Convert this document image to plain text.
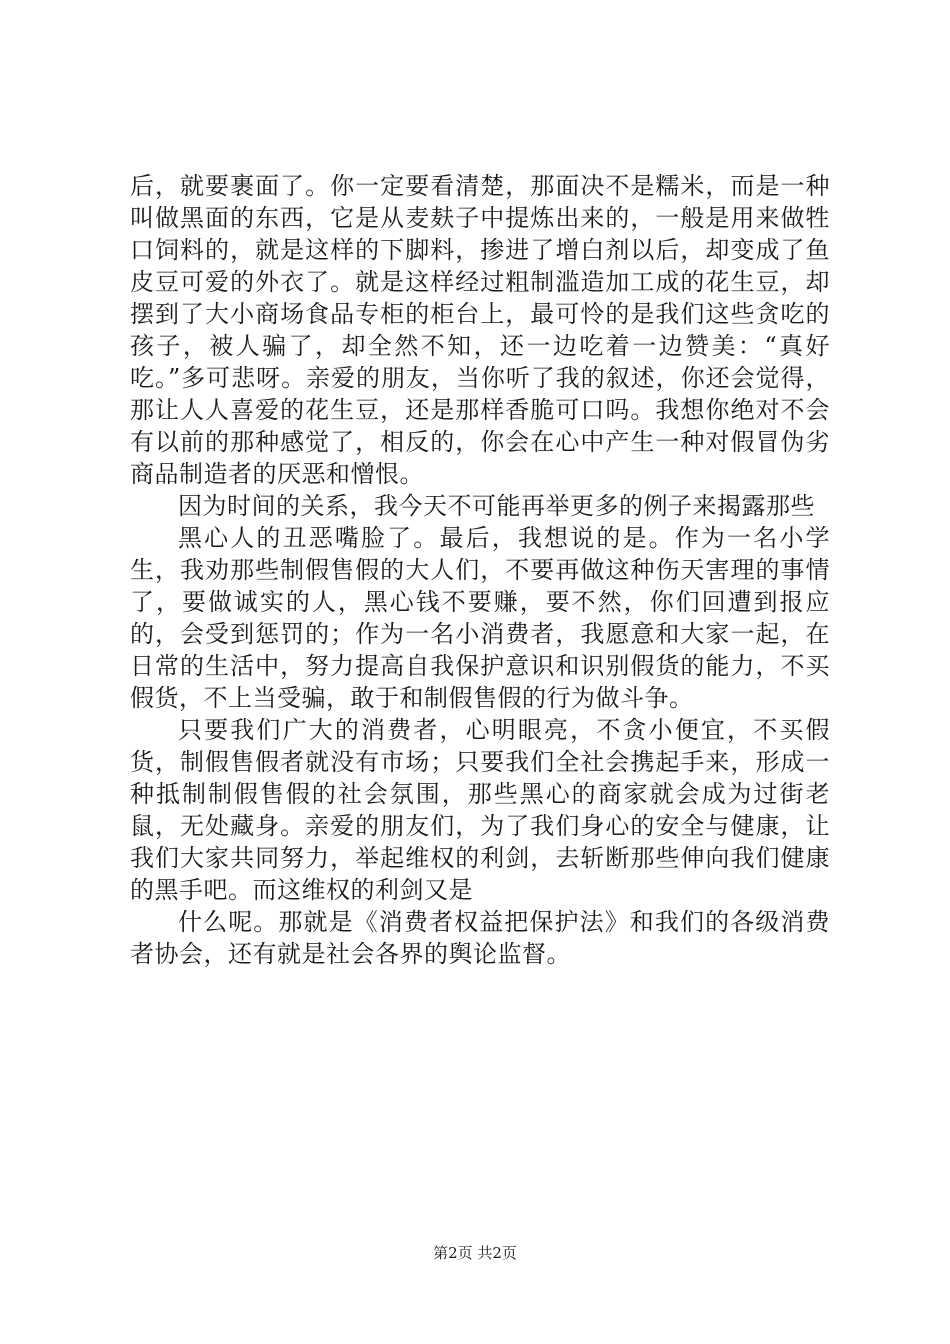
后，就要裹面了。你一定要看清楚，那面决不是糯米，而是一种叫做黑面的东西，它是从麦麸子中提炼出来的，一般是用来做牲口饲料的，就是这样的下脚料，掺进了增白剂以后，却变成了鱼皮豆可爱的外衣了。就是这样经过粗制滥造加工成的花生豆，却摆到了大小商场食品专柜的柜台上，最可怜的是我们这些贪吃的孩子，被人骗了，却全然不知，还一边吃着一边赞美：“真好吃。”多可悲呀。亲爱的朋友，当你听了我的叙述，你还会觉得，那让人人喜爱的花生豆，还是那样香脆可口吗。我想你绝对不会有以前的那种感觉了，相反的，你会在心中产生一种对假冒伪劣商品制造者的厌恶和憎恨。

因为时间的关系，我今天不可能再举更多的例子来揭露那些

黑心人的丑恶嘴脸了。最后，我想说的是。作为一名小学生，我劝那些制假售假的大人们，不要再做这种伤天害理的事情了，要做诚实的人，黑心钱不要赚，要不然，你们回遭到报应的，会受到惩罚的；作为一名小消费者，我愿意和大家一起，在日常的生活中，努力提高自我保护意识和识别假货的能力，不买假货，不上当受骗，敢于和制假售假的行为做斗争。

只要我们广大的消费者，心明眼亮，不贪小便宜，不买假货，制假售假者就没有市场；只要我们全社会携起手来，形成一种抵制制假售假的社会氛围，那些黑心的商家就会成为过街老鼠，无处藏身。亲爱的朋友们，为了我们身心的安全与健康，让我们大家共同努力，举起维权的利剑，去斩断那些伸向我们健康的黑手吧。而这维权的利剑又是

什么呢。那就是《消费者权益把保护法》和我们的各级消费者协会，还有就是社会各界的舆论监督。

第2页 共2页
